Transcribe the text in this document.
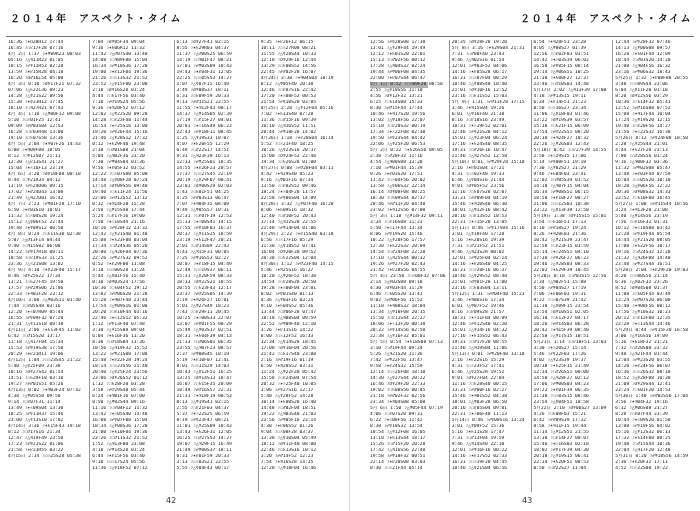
２０１４年　アスペクト・タイム
16:36 ☽✶☊28H12 17:44
16:45 ☽☐♇17F28 07:16
4月 2日 1:37 ☽✶♅09R23 00:03
05:16 ☽△♃11R23 01:05
10:15 ☽☍♆11R53 02:28
13:59 ☽✶♇15R28 04:18
16:20 ☽☌♂16L54 05:00
4月 3日 0:10 ☽☌♀17F21 07:32
07:06 ☽△♄22L36 09:23
14:28 ☽△♆21S22 09:50
15:38 ☽✶♀23H12 17:45
18:10 ☽☐♃27H21 07:43
4月 4日 1:10 ☽△♅00F12 09:08
5:10 ☽☐☉01F25 12:41
09:09 ☽☍♂03S04 12:53
16:28 ☽☐♇03R48 13:00
19:10 ☽☐♄07S58 13:36
4月 5日 2:04 ☽✶♆07F26 14:43
6:08 ☽✶♃09F08 18:05
8:12 ☽☐♅12S07 21:11
12:30 ☽△♇13S41 21:27
15:04 ☽✶☉16F13 23:19
4月 6日 3:20 ☽☌♀18F08 00:18
8:44 ☽☐♆21R34 04:12
13:19 ☽☍♄24D06 09:15
17:02 ☽✶♂24D43 13:08
21:49 ☽△♃27D01 16:42
4月 7日 2:23 ☽☍♅01F28 17:10
6:50 ☽✶♇03S10 18:01
11:32 ☽☐☉04S28 19:24
15:12 ☽△♀06F52 22:44
19:48 ☽✶♆09S12 00:50
4月 8日 0:24 ☽☐♄11S30 02:38
5:07 ☽△♂13F14 04:44
9:40 ☽☐♃15S02 06:08
14:22 ☽☍♅17R18 09:11
18:58 ☽☐♇19S33 11:25
23:36 ☽△☉21S08 13:02
4月 9日 4:10 ☽✶♀23F40 15:17
8:46 ☽☌♆25S22 17:34
13:21 ☽☐♄27F45 19:50
17:57 ☽☍♂29S06 21:06
22:33 ☽✶♃01F28 23:12
4月10日 3:08 ☽△♅03S11 01:40
7:44 ☽☐♇05S48 03:16
12:20 ☽✶☉07R09 05:44
16:55 ☽☍♀09F32 07:20
21:31 ☽△♆11S18 09:38
4月11日 2:06 ☽✶♄13F45 11:02
6:42 ☽☐♂15S20 13:17
11:18 ☽△♃17F04 15:34
15:53 ☽☍♅19S38 17:50
20:29 ☽✶♇21R11 19:06
4月12日 1:04 ☽☐☉23S45 21:22
5:40 ☽△♀25F09 23:38
10:16 ☽☌♆27S42 01:54
14:51 ☽☐♄29F18 03:10
19:27 ☽☍♂01S51 05:26
4月13日 0:02 ☽✶♃03F24 07:42
4:38 ☽△♅05S58 09:58
9:14 ☽☐♇07F31 11:14
13:49 ☽✶☉09S04 13:30
18:25 ☽☍♀11R37 15:46
23:00 ☽△♆13S10 17:02
4月14日 3:36 ☽✶♄15F43 19:18
8:12 ☽☐♂17S16 21:34
12:47 ☽△♃19F49 23:50
17:23 ☽☍♅21S22 01:06
21:58 ☽✶♇23R55 03:22
4月15日 2:34 ☽☐☉25S28 05:38
7:04 ☽☌♆05F34 09:04
9:16 ☽✶♄06R12 11:32
11:42 ☽△♂07S40 13:48
14:08 ☽☐♃09F08 15:04
16:34 ☽☍♅10S36 17:20
19:00 ☽✶♇12F04 19:36
21:26 ☽☐☉13S32 21:52
23:52 ☽△♀15F00 23:08
2:18 ☽☌♆16S28 01:24
4:44 ☽☐♄17F56 03:40
7:10 ☽☍♂19S24 05:56
9:36 ☽✶♃20F52 07:12
12:02 ☽△♅22S20 09:28
14:28 ☽☐♇23F48 11:44
16:54 ☽✶☉25S16 13:00
19:20 ☽☍♀26F44 15:16
21:46 ☽△♆28S12 17:32
0:12 ☽✶♄29F40 19:48
2:38 ☽☐♂01S08 21:04
5:04 ☽△♃02F36 23:20
7:30 ☽☍♅04S04 01:36
9:56 ☽✶♇05F32 03:52
12:22 ☽☐☉07S00 05:08
14:48 ☽△♀08F28 07:24
17:14 ☽☌♆09S56 09:40
19:40 ☽☐♄11F24 11:56
22:06 ☽☍♂12S52 13:12
0:32 ☽✶♃14F20 15:28
2:58 ☽△♅15S48 17:44
5:24 ☽☐♇17F16 19:00
7:50 ☽✶☉18S44 21:16
10:16 ☽☍♀20F12 23:32
12:42 ☽△♆21S40 01:48
15:08 ☽✶♄23F08 03:04
17:34 ☽☐♂24S36 05:20
20:00 ☽△♃26F04 07:36
22:26 ☽☍♅27S32 09:52
0:52 ☽✶♇29F00 11:08
3:18 ☽☐☉00S28 13:24
5:44 ☽△♀01F56 15:40
8:10 ☽☌♆03S24 17:56
10:36 ☽☐♄04F52 19:12
13:02 ☽☍♂06S20 21:28
15:28 ☽✶♃07F48 23:44
17:54 ☽△♅09S16 01:00
20:20 ☽☐♇10F44 03:16
22:46 ☽✶☉12S12 05:32
1:12 ☽☍♀13F40 07:48
3:38 ☽△♆15S08 09:04
6:04 ☽✶♄16F36 11:20
8:30 ☽☐♂18S04 13:36
10:56 ☽△♃19F32 15:52
13:22 ☽☍♅21S00 17:08
15:48 ☽✶♇22F28 19:24
18:14 ☽☐☉23S56 21:40
20:40 ☽△♀25F24 23:56
23:06 ☽☌♆26S52 01:12
1:32 ☽☐♄28F20 03:28
3:58 ☽☍♂29S48 05:44
6:24 ☽✶♃01F16 07:00
8:50 ☽△♅02S44 09:16
11:16 ☽☐♇04F12 11:32
13:42 ☽✶☉05S40 13:48
16:08 ☽☍♀07F08 15:04
18:34 ☽△♆08S36 17:20
21:00 ☽✶♄10F04 19:36
23:26 ☽☐♂11S32 21:52
1:52 ☽△♃13F00 23:08
4:18 ☽☍♅14S28 01:24
6:44 ☽✶♇15F56 03:40
9:10 ☽☐☉17S24 05:56
11:36 ☽△♀18F52 07:12
6:13 ☽☌♆27F41 02:15
8:55 ☽✶♄29R03 04:37
11:37 ☽△♂00S25 06:59
14:19 ☽☐♃01F47 08:21
17:01 ☽☍♅03S09 10:43
19:43 ☽✶♇04F31 12:05
22:25 ☽☐☉05S53 14:27
1:07 ☽△♀07F15 16:49
3:49 ☽☌♆08S37 18:11
6:31 ☽☐♄09F59 20:33
9:13 ☽☍♂11S21 22:55
11:55 ☽✶♃12F43 00:17
14:37 ☽△♅14S05 02:39
17:19 ☽☐♇15F27 04:01
20:01 ☽✶☉16S49 06:23
22:43 ☽☍♀18F11 08:45
1:25 ☽△♆19S33 10:07
4:07 ☽✶♄20F55 12:29
6:49 ☽☐♂22S17 14:51
9:31 ☽△♃23F39 16:13
12:13 ☽☍♅25S01 18:35
14:55 ☽✶♇26F23 20:57
17:37 ☽☐☉27S45 22:19
20:19 ☽△♀29F07 00:41
23:01 ☽☌♆00S29 02:03
1:43 ☽☐♄01F51 04:25
4:25 ☽☍♂03S13 06:47
7:07 ☽✶♃04F35 08:09
9:49 ☽△♅05S57 10:31
12:31 ☽☐♇07F19 12:53
15:13 ☽✶☉08S41 14:15
17:55 ☽☍♀10F03 16:37
20:37 ☽△♆11S25 18:59
23:19 ☽✶♄12F47 20:21
2:01 ☽☐♂14S09 22:43
4:43 ☽△♃15F31 00:05
7:25 ☽☍♅16S53 02:27
10:07 ☽✶♇18F15 04:49
12:49 ☽☐☉19S37 06:11
15:31 ☽△♀20F59 08:33
18:13 ☽☌♆22S21 10:55
20:55 ☽☐♄23F43 12:17
23:37 ☽☍♂25S05 14:39
2:19 ☽✶♃26F27 16:01
5:01 ☽△♅27S49 18:23
7:43 ☽☐♇29F11 20:45
10:25 ☽✶☉00S33 22:07
13:07 ☽☍♀01F55 00:29
15:49 ☽△♆03S17 02:51
18:31 ☽✶♄04F39 04:13
21:13 ☽☐♂06S01 06:35
23:55 ☽△♃07F23 08:57
2:37 ☽☍♅08S45 10:19
5:19 ☽✶♇10F07 12:41
8:01 ☽☐☉11S29 14:03
10:43 ☽△♀12F51 16:25
13:25 ☽☌♆14S13 18:47
16:07 ☽☐♄15F35 20:09
18:49 ☽☍♂16S57 22:31
21:31 ☽✶♃18F19 00:53
0:13 ☽△♅19S41 02:15
2:55 ☽☐♇21F03 04:37
5:37 ☽✶☉22S25 06:59
8:19 ☽☍♀23F47 08:21
11:01 ☽△♆25S09 10:43
13:43 ☽✶♄26F31 12:05
16:25 ☽☐♂27S53 14:27
19:07 ☽△♃29F15 16:49
21:49 ☽☍♅00S37 18:11
0:31 ☽✶♇01F59 20:33
3:13 ☽☐☉03S21 22:55
5:55 ☽△♀04F43 00:17
9:35 ☽✶♇26F12 06:15
10:11 ☽☐☉27R08 08:21
11:55 ☽△♀28S44 10:33
12:18 ☽☌♆29F16 12:44
13:29 ☽☐♄00S52 14:56
22:45 ☽☍♂02F28 16:07
4月24日 3:38 ☽✶♃04S04 18:19
8:12 ☽△♅05F40 20:30
12:46 ☽☐♇07S16 22:42
17:20 ☽✶☉08F52 00:53
21:54 ☽☍♀10S28 03:05
4月25日 2:28 ☽△♆12F04 05:16
7:02 ☽✶♄13S40 07:28
11:36 ☽☐♂15F16 09:39
16:10 ☽△♃16S52 11:51
20:44 ☽☍♅18F28 14:02
4月26日 1:18 ☽✶♇20S04 16:14
5:52 ☽☐☉21F40 18:25
10:26 ☽△♀23S16 20:37
15:00 ☽☌♆24F52 22:48
19:34 ☽☐♄26S28 01:00
4月27日 0:08 ☽☍♂28F04 03:11
4:42 ☽✶♃29S40 05:23
9:16 ☽△♅01F16 07:34
13:50 ☽☐♇02S52 09:46
18:24 ☽✶☉04F28 11:57
22:58 ☽☍♀06S04 14:09
4月28日 3:32 ☽△♆07F40 16:20
8:06 ☽✶♄09S16 18:32
12:40 ☽☐♂10F52 20:43
17:14 ☽△♃12S28 22:55
21:48 ☽☍♅14F04 01:06
4月29日 2:22 ☽✶♇15S40 03:18
6:56 ☽☐☉17F16 05:29
11:30 ☽△♀18S52 07:41
16:04 ☽☌♆20F28 09:52
20:38 ☽☐♄22S04 12:04
4月30日 1:12 ☽☍♂23F40 14:15
5:46 ☽✶♃25S16 16:27
10:20 ☽△♅26F52 18:38
14:54 ☽☐♇28S28 20:50
19:28 ☽✶☉00F04 23:01
0:02 ☽☍♀01S40 01:13
4:36 ☽△♆03F16 03:24
9:10 ☽✶♄04S52 05:36
13:44 ☽☐♂06F28 07:47
18:18 ☽△♃08S04 09:59
22:52 ☽☍♅09F40 12:10
3:26 ☽✶♇11S16 14:22
8:00 ☽☐☉12F52 16:33
12:34 ☽△♀14S28 18:45
17:08 ☽☌♆16F04 20:56
21:42 ☽☐♄17S40 23:08
2:16 ☽☍♂19F16 01:19
6:50 ☽✶♃20S52 03:31
11:24 ☽△♅22F28 05:42
15:58 ☽☐♇24S04 07:54
20:32 ☽✶☉25F40 10:05
1:06 ☽☍♀27S16 12:17
5:40 ☽△♆28F52 14:28
10:14 ☽✶♄00S28 16:40
14:48 ☽☐♂02F04 18:51
19:22 ☽△♃03S40 21:03
23:56 ☽☍♅05F16 23:14
4:30 ☽✶♇06S52 01:26
9:04 ☽☐☉08F28 03:37
13:38 ☽△♀10S04 05:49
18:12 ☽☌♆11F40 08:00
22:46 ☽☐♄13S16 10:12
3:20 ☽☍♂14F52 12:23
7:54 ☽✶♃16S28 14:35
12:28 ☽△♅18F04 16:46
42
２０１４年　アスペクト・タイム
12:56 ☽☍♀28S08 17:38
13:01 ☽△♆29F44 19:49
12:12 ☽✶♄01S20 22:01
15:13 ☽☐♂02F56 00:12
17:28 ☽△♃04S32 02:24
19:44 ☽☍♅06F08 04:35
22:00 ☽✶♇07S44 06:47
5月 1日 0:52 ☽☐☉09F20 08:58
2:55 ☽△♀10S56 11:10
4:56 ☽☌♆12F32 13:21
6:15 ☽☐♄14S08 15:33
8:30 ☽☍♂15F44 17:44
10:46 ☽✶♃17S20 19:56
13:02 ☽△♅18F56 22:07
15:18 ☽☐♇20S32 00:19
17:34 ☽✶☉22F08 02:30
19:50 ☽☍♀23S44 04:42
22:06 ☽△♆25F20 06:53
5月 2日 0:22 ☽✶♄26S56 09:05
2:38 ☽☐♂28F32 11:16
4:54 ☽△♃00S08 13:28
7:10 ☽☍♅01F44 15:39
9:26 ☽✶♇03S20 17:51
11:42 ☽☐☉04F56 20:02
13:58 ☽△♀06S32 22:14
16:14 ☽☌♆08F08 00:25
18:30 ☽☐♄09S44 02:37
20:46 ☽☍♂11F20 04:48
23:02 ☽✶♃12S56 07:00
5月 3日 1:18 ☽△♅14F32 09:11
3:34 ☽☐♇16S08 11:23
5:50 ☽✶☉17F44 13:34
8:06 ☽☍♀19S20 15:46
10:22 ☽△♆20F56 17:57
12:38 ☽✶♄22S32 20:09
14:54 ☽☐♂24F08 22:20
17:10 ☽△♃25S44 00:32
19:26 ☽☍♅27F20 02:43
21:42 ☽✶♇28S56 04:55
5月 4日 23:58 ☽☐☉00F32 07:06
2:14 ☽△♀02S08 09:18
4:30 ☽☌♆03F44 11:29
6:46 ☽☐♄05S20 13:41
9:02 ☽☍♂06F56 15:52
11:18 ☽✶♃08S32 18:04
13:34 ☽△♅10F08 20:15
15:50 ☽☐♇11S44 22:27
18:06 ☽✶☉13F20 00:38
20:22 ☽☍♀14S56 02:50
22:38 ☽△♆16F32 05:01
5月 5日 0:54 ☽✶♄18S08 07:13
3:10 ☽☐♂19F44 09:24
5:26 ☽△♃21S20 11:36
7:42 ☽☍♅22F56 13:47
9:58 ☽✶♇24S32 15:59
12:14 ☽☐☉26F08 18:10
14:30 ☽△♀27S44 20:22
16:46 ☽☌♆29F20 22:33
19:02 ☽☐♄00S56 00:45
21:18 ☽☍♂02F32 02:56
23:34 ☽✶♃04S08 05:08
5月 6日 1:50 ☽△♅05F44 07:19
4:06 ☽☐♇07S20 09:31
6:22 ☽✶☉08F56 11:42
8:38 ☽☍♀10S32 13:54
10:54 ☽△♆12F08 16:05
13:10 ☽✶♄13S44 18:17
15:26 ☽☐♂15F20 20:28
17:42 ☽△♃16S56 22:40
19:58 ☽☍♅18F32 00:51
22:14 ☽✶♇20S08 03:03
0:30 ☽☐☉21F44 05:14
20:35 ☽☌♆28F28 19:20
5月 8日 3:16 ☽✶♄29S04 21:31
7:31 ☽☐♂00F40 23:43
9:46 ☽△♃02S16 01:54
12:01 ☽☍♅03F52 04:06
14:16 ☽✶♇05S28 06:17
16:31 ☽☐☉07F04 08:29
18:46 ☽△♀08S40 10:40
21:01 ☽☌♆10F16 12:52
23:16 ☽☐♄11S52 15:03
5月 9日 1:31 ☽☍♂13F28 17:15
3:46 ☽✶♃15S04 19:26
6:01 ☽△♅16F40 21:38
8:16 ☽☐♇18S16 23:49
10:31 ☽✶☉19F52 02:01
12:46 ☽☍♀21S28 04:12
15:01 ☽△♆23F04 06:24
17:16 ☽✶♄24S40 08:35
19:31 ☽☐♂26F16 10:47
21:46 ☽△♃27S52 12:58
5月10日 0:01 ☽☍♅29F28 15:10
2:16 ☽✶♇01S04 17:21
4:31 ☽☐☉02F40 19:33
6:46 ☽△♀04S16 21:44
9:01 ☽☌♆05F52 23:56
11:16 ☽☐♄07S28 02:07
13:31 ☽☍♂09F04 04:19
15:46 ☽✶♃10S40 06:30
18:01 ☽△♅12F16 08:42
20:16 ☽☐♇13S52 10:53
22:31 ☽✶☉15F28 13:05
5月11日 0:46 ☽☍♀17S04 15:16
3:01 ☽△♆18F40 17:28
5:16 ☽✶♄20S16 19:39
7:31 ☽☐♂21F52 21:51
9:46 ☽△♃23S28 00:02
12:01 ☽☍♅25F04 02:14
14:16 ☽✶♇26S40 04:25
16:31 ☽☐☉28F16 06:37
18:46 ☽△♀29S52 08:48
21:01 ☽☌♆01F28 11:00
23:16 ☽☐♄03S04 13:11
5月12日 1:31 ☽☍♂04F40 15:23
3:46 ☽✶♃06S16 17:34
6:01 ☽△♅07F52 19:46
8:16 ☽☐♇09S28 21:57
10:31 ☽✶☉11F04 00:09
12:46 ☽☍♀12S40 02:20
15:01 ☽△♆14F16 04:32
17:16 ☽✶♄15S52 06:43
19:31 ☽☐♂17F28 08:55
21:46 ☽△♃19S04 11:06
5月13日 0:01 ☽☍♅20F40 13:18
2:16 ☽✶♇22S16 15:29
4:31 ☽☐☉23F52 17:41
6:46 ☽△♀25S28 19:52
9:01 ☽☌♆27F04 22:04
11:16 ☽☐♄28S40 00:15
13:31 ☽☍♂00F16 02:27
15:46 ☽✶♃01S52 04:38
18:01 ☽△♅03F28 06:50
20:16 ☽☐♇05S04 09:01
22:31 ☽✶☉06F40 11:13
5月14日 0:46 ☽☍♀08S16 13:24
3:01 ☽△♆09F52 15:36
5:16 ☽✶♄11S28 17:47
7:31 ☽☐♂13F04 19:59
9:46 ☽△♃14S40 22:10
12:01 ☽☍♅16F16 00:22
14:16 ☽✶♇17S52 02:33
16:31 ☽☐☉19F28 04:45
18:46 ☽△♀21S04 06:56
6:54 ☽✶♃28F51 23:28
8:05 ☽△♅00S27 01:39
12:56 ☽☐♇02F03 03:51
14:42 ☽✶☉03S39 06:02
16:58 ☽☍♀05F15 08:14
19:14 ☽△♆06S51 10:25
21:30 ☽✶♄08F27 12:37
23:46 ☽☐♂10S03 14:48
5月17日 2:02 ☽△♃11F39 17:00
4:18 ☽☍♅13S15 19:11
6:34 ☽✶♇14F51 21:23
8:50 ☽☐☉16S27 23:34
11:06 ☽△♀18F03 01:46
13:22 ☽☌♆19S39 03:57
15:38 ☽☐♄21F15 06:09
17:54 ☽☍♂22S51 08:20
20:10 ☽✶♃24F27 10:32
22:26 ☽△♅26S03 12:43
5月18日 0:42 ☽☐♇27F39 14:55
2:58 ☽✶☉29S15 17:06
5:14 ☽☍♀00F51 19:18
7:30 ☽△♆02S27 21:29
9:46 ☽✶♄04F03 23:41
12:02 ☽☐♂05S39 01:52
14:18 ☽△♃07F15 04:04
16:34 ☽☍♅08S51 06:15
18:50 ☽✶♇10F27 08:27
21:06 ☽☐☉12S03 10:38
23:22 ☽△♀13F39 12:50
5月19日 1:38 ☽☌♆15S15 15:01
3:54 ☽☐♄16F51 17:13
6:10 ☽☍♂18S27 19:24
8:26 ☽✶♃20F03 21:36
10:42 ☽△♅21S39 23:47
12:58 ☽☐♇23F15 01:59
15:14 ☽✶☉24S51 04:10
17:30 ☽☍♀26F27 06:22
19:46 ☽△♆28S03 08:33
22:02 ☽✶♄29F39 10:45
5月20日 0:18 ☽☐♂01S15 12:56
2:34 ☽△♃02F51 15:08
4:50 ☽☍♅04S27 17:19
7:06 ☽✶♇06F03 19:31
9:22 ☽☐☉07S39 21:42
11:38 ☽△♀09F15 23:54
13:54 ☽☌♆10S51 02:05
16:10 ☽☐♄12F27 04:17
18:26 ☽☍♂14S03 06:28
20:42 ☽✶♃15F39 08:40
22:58 ☽△♅17S15 10:51
5月21日 1:14 ☽☐♇18F51 13:03
3:30 ☽✶☉20S27 15:14
5:46 ☽☍♀22F03 17:26
8:02 ☽△♆23S39 19:37
10:18 ☽✶♄25F15 21:49
12:34 ☽☐♂26S51 00:00
14:50 ☽△♃28F27 02:12
17:06 ☽☍♅00S03 04:23
19:22 ☽✶♇01F39 06:35
21:38 ☽☐☉03S15 08:46
23:54 ☽△♀04F51 10:58
5月22日 2:10 ☽☌♆06S27 13:09
4:26 ☽☐♄08F03 15:21
6:42 ☽☍♂09S39 17:32
8:58 ☽✶♃11F15 19:44
11:14 ☽△♅12S51 21:55
13:30 ☽☐♇14F27 00:07
15:46 ☽✶☉16S03 02:18
18:02 ☽☍♀17F39 04:30
20:18 ☽△♆19S15 06:41
22:34 ☽✶♄20F51 08:53
0:50 ☽☐♂22S27 11:04
12:44 ☽☍♀28F32 07:46
14:13 ☽△♆00S08 09:57
16:28 ☽✶♄01F44 12:09
18:44 ☽☐♂03S20 14:20
21:00 ☽△♃04F56 16:32
23:16 ☽☍♅06S32 18:43
5月25日 1:32 ☽✶♇08F08 20:55
3:48 ☽☐☉09S44 23:06
6:04 ☽△♀11F20 01:18
8:20 ☽☌♆12S56 03:29
10:36 ☽☐♄14F32 05:41
12:52 ☽☍♂16S08 07:52
15:08 ☽✶♃17F44 10:04
17:24 ☽△♅19S20 12:15
19:40 ☽☐♇20F56 14:27
21:56 ☽✶☉22S32 16:38
5月26日 0:12 ☽☍♀24F08 18:50
2:28 ☽△♆25S44 21:01
4:44 ☽✶♄27F20 23:13
7:00 ☽☐♂28S56 01:24
9:16 ☽△♃00F32 03:36
11:32 ☽☍♅02S08 05:47
13:48 ☽✶♇03F44 07:59
16:04 ☽☐☉05S20 10:10
18:20 ☽△♀06F56 12:22
20:36 ☽☌♆08S32 14:33
22:52 ☽☐♄10F08 16:45
5月27日 1:08 ☽☍♂11S44 18:56
3:24 ☽✶♃13F20 21:08
5:40 ☽△♅14S56 23:19
7:56 ☽☐♇16F32 01:31
10:12 ☽✶☉18S08 03:42
12:28 ☽☍♀19F44 05:54
14:44 ☽△♆21S20 08:05
17:00 ☽✶♄22F56 10:17
19:16 ☽☐♂24S32 12:28
21:32 ☽△♃26F08 14:40
23:48 ☽☍♅27S44 16:51
5月28日 2:04 ☽✶♇29F20 19:03
4:20 ☽☐☉00S56 21:14
6:36 ☽△♀02F32 23:26
8:52 ☽☌♆04S08 01:37
11:08 ☽☐♄05F44 03:49
13:24 ☽☍♂07S20 06:00
15:40 ☽✶♃08F56 08:12
17:56 ☽△♅10S32 10:23
20:12 ☽☐♇12F08 12:35
22:28 ☽✶☉13S44 14:46
5月29日 0:44 ☽☍♀15F20 16:58
3:00 ☽△♆16S56 19:09
5:16 ☽✶♄18F32 21:21
7:32 ☽☐♂20S08 23:32
9:48 ☽△♃21F44 01:44
12:04 ☽☍♅23S20 03:55
14:20 ☽✶♇24F56 06:07
16:36 ☽☐☉26S32 08:18
18:52 ☽△♀28F08 10:30
21:08 ☽☌♆29S44 12:41
23:24 ☽☐♄01F20 14:53
5月30日 1:40 ☽☍♂02S56 17:04
3:56 ☽✶♃04F32 19:16
6:12 ☽△♅06S08 21:27
8:28 ☽☐♇07F44 23:39
10:44 ☽✶☉09S20 01:50
13:00 ☽☍♀10F56 04:02
15:16 ☽△♆12S32 06:13
17:32 ☽✶♄14F08 08:25
19:48 ☽☐♂15S44 10:36
22:04 ☽△♃17F20 12:48
5月31日 0:20 ☽☍♅18S56 14:59
2:36 ☽✶♇20F32 17:11
4:52 ☽☐☉22S08 19:22
43
